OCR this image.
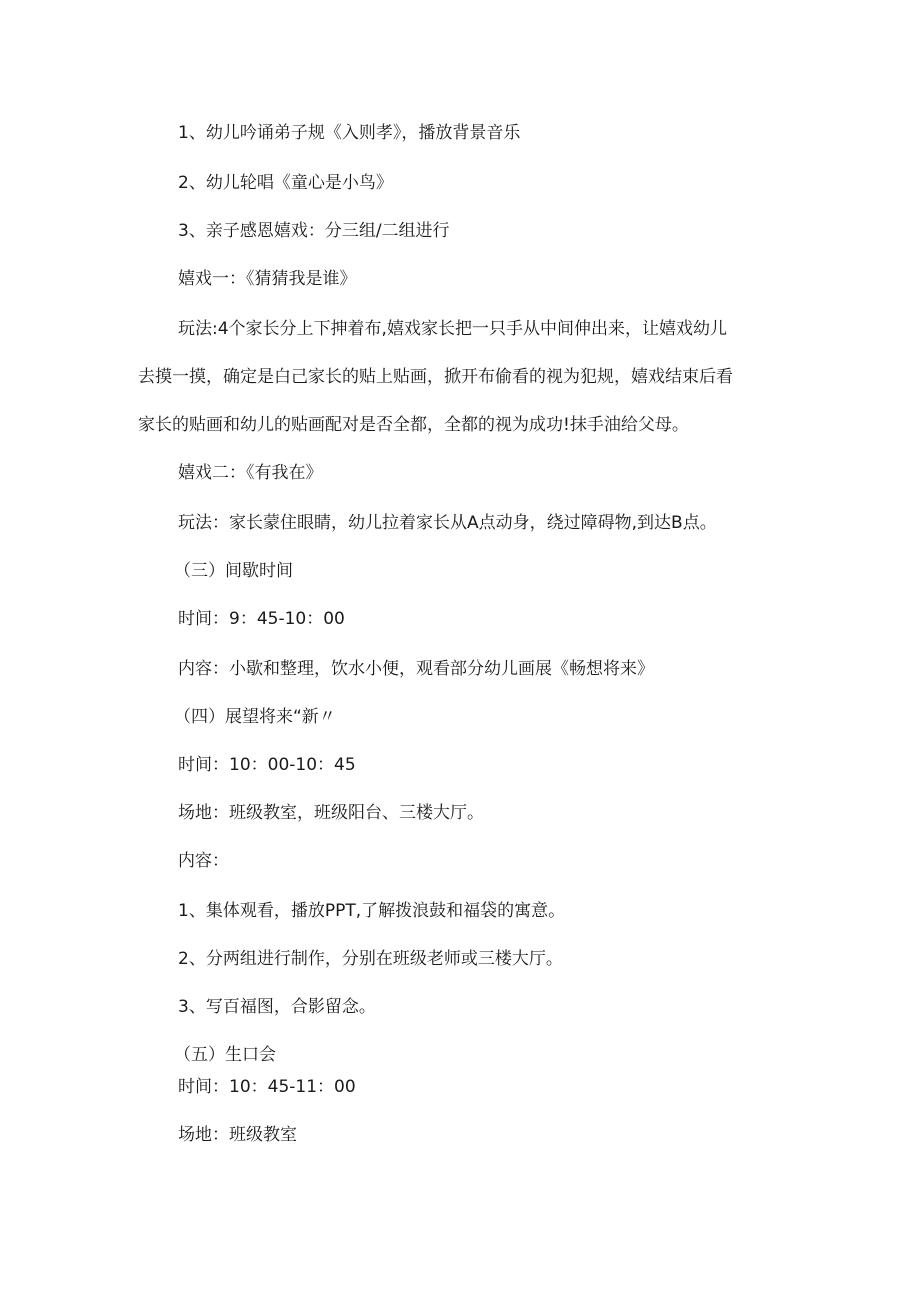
1、幼儿吟诵弟子规《入则孝》，播放背景音乐
2、幼儿轮唱《童心是小鸟》
3、亲子感恩嬉戏：分三组/二组进行
嬉戏一：《猜猜我是谁》
玩法:4个家长分上下抻着布,嬉戏家长把一只手从中间伸出来，让嬉戏幼儿
去摸一摸，确定是白己家长的贴上贴画，掀开布偷看的视为犯规，嬉戏结束后看
家长的贴画和幼儿的贴画配对是否全都，全都的视为成功!抹手油给父母。
嬉戏二：《有我在》
玩法：家长蒙住眼睛，幼儿拉着家长从A点动身，绕过障碍物,到达B点。
（三）间歇时间
时间：9：45-10：00
内容：小歇和整理，饮水小便，观看部分幼儿画展《畅想将来》
（四）展望将来“新〃
时间：10：00-10：45
场地：班级教室，班级阳台、三楼大厅。
内容：
1、集体观看，播放PPT,了解拨浪鼓和福袋的寓意。
2、分两组进行制作，分别在班级老师或三楼大厅。
3、写百福图，合影留念。
（五）生口会
时间：10：45-11：00
场地：班级教室
